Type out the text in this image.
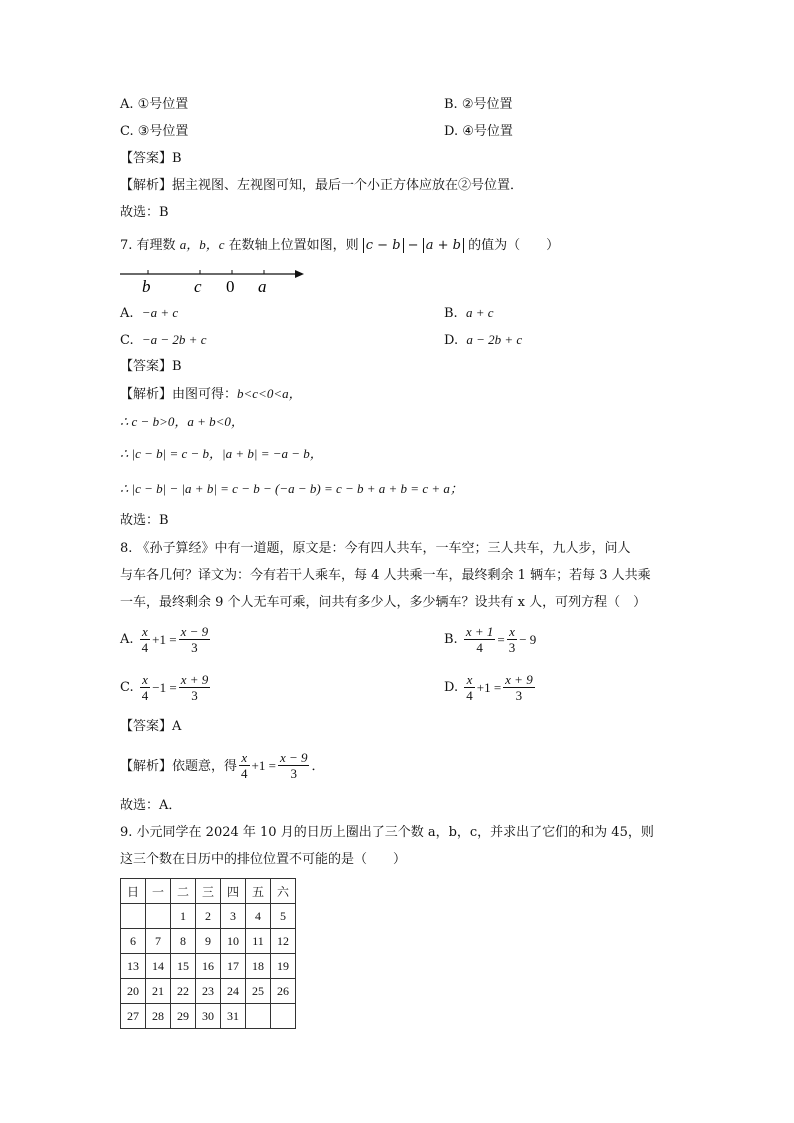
A. ①号位置	B. ②号位置
C. ③号位置	D. ④号位置
【答案】B
【解析】据主视图、左视图可知，最后一个小正方体应放在②号位置．
故选：B
7. 有理数 a，b，c 在数轴上位置如图，则 c − b − a + b 的值为（　　）
b	c 0 a
A. −a + c	B. a + c
C. −a − 2b + c	D. a − 2b + c
【答案】B
【解析】由图可得：b<c<0<a，
∴ c − b>0，a + b<0，
∴ |c − b| = c − b，|a + b| = −a − b，
∴ |c − b| − |a + b| = c − b − (−a − b) = c − b + a + b = c + a；
故选：B
8. 《孙子算经》中有一道题，原文是：今有四人共车，一车空；三人共车，九人步，问人
与车各几何？译文为：今有若干人乘车，每 4 人共乘一车，最终剩余 1 辆车；若每 3 人共乘
一车，最终剩余 9 个人无车可乘，问共有多少人，多少辆车？设共有 x 人，可列方程（　）
A. $\frac{x}{4} +1 = \frac{x - 9}{3}$	B. $\frac{x + 1}{4} = \frac{x}{3} - 9$
C. $\frac{x}{4} -1 = \frac{x + 9}{3}$	D. $\frac{x}{4} +1 = \frac{x + 9}{3}$
【答案】A
【解析】依题意，得 $\frac{x}{4} +1 = \frac{x - 9}{3}$ ．
故选：A．
9. 小元同学在 2024 年 10 月的日历上圈出了三个数 a，b，c，并求出了它们的和为 45，则
这三个数在日历中的排位位置不可能的是（　　）
日	一	二	三	四	五	六
		1	2	3	4	5
6	7	8	9	10	11	12
13	14	15	16	17	18	19
20	21	22	23	24	25	26
27	28	29	30	31		
